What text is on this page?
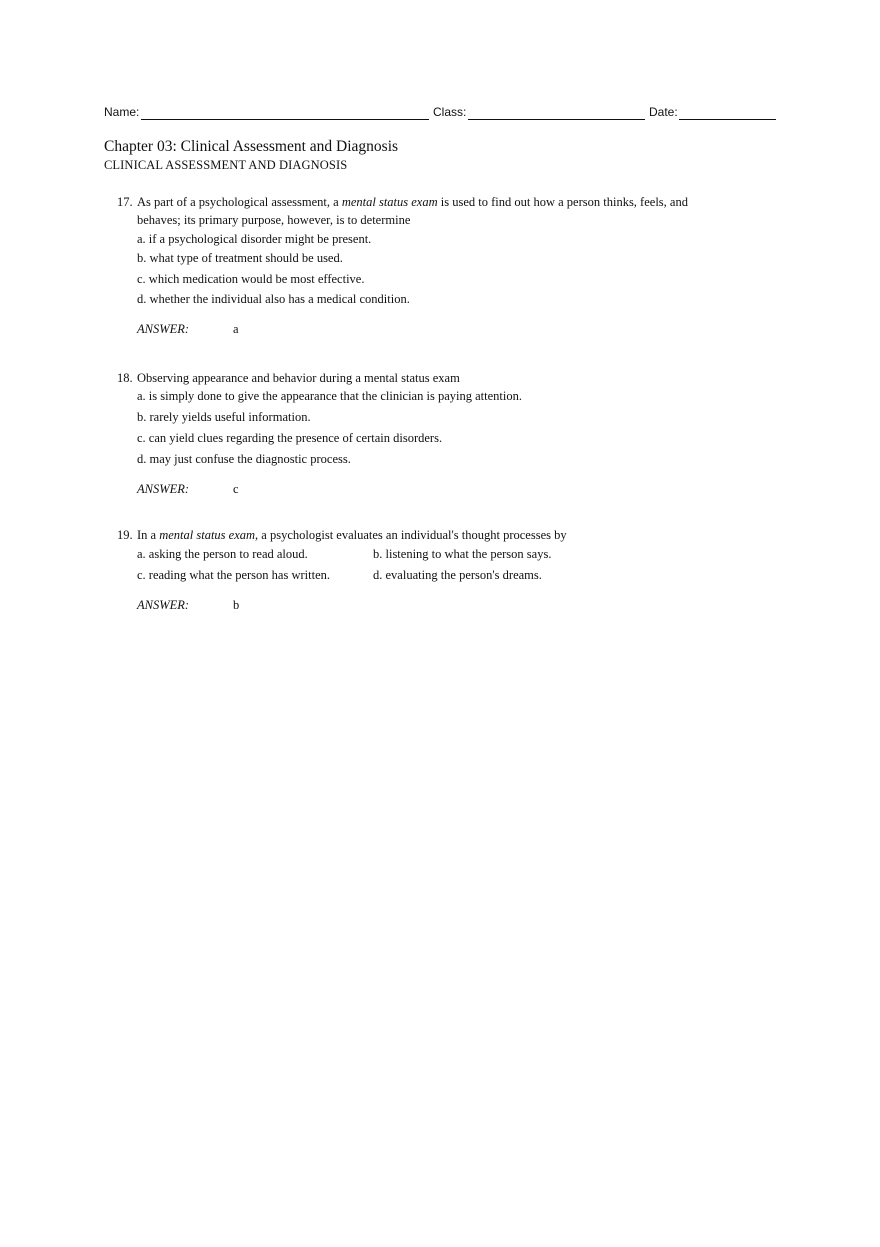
Name:	Class:	Date:
Chapter 03: Clinical Assessment and Diagnosis
CLINICAL ASSESSMENT AND DIAGNOSIS
17. As part of a psychological assessment, a mental status exam is used to find out how a person thinks, feels, and
behaves; its primary purpose, however, is to determine
a. if a psychological disorder might be present.
b. what type of treatment should be used.
c. which medication would be most effective.
d. whether the individual also has a medical condition.
ANSWER:	a
18. Observing appearance and behavior during a mental status exam
a. is simply done to give the appearance that the clinician is paying attention.
b. rarely yields useful information.
c. can yield clues regarding the presence of certain disorders.
d. may just confuse the diagnostic process.
ANSWER:	c
19. In a mental status exam, a psychologist evaluates an individual's thought processes by
a. asking the person to read aloud.	b. listening to what the person says.
c. reading what the person has written.	d. evaluating the person's dreams.
ANSWER:	b
